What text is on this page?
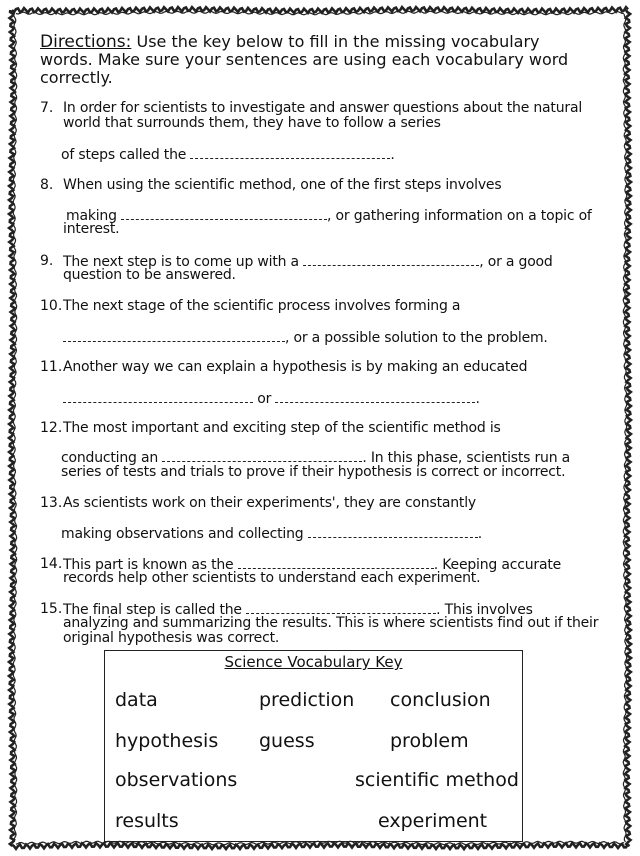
Directions: Use the key below to fill in the missing vocabulary
words. Make sure your sentences are using each vocabulary word
correctly.
7. In order for scientists to investigate and answer questions about the natural
world that surrounds them, they have to follow a series
of steps called the	.
8. When using the scientific method, one of the first steps involves
making	, or gathering information on a topic of
interest.
9. The next step is to come up with a	, or a good
question to be answered.
10. The next stage of the scientific process involves forming a
, or a possible solution to the problem.
11. Another way we can explain a hypothesis is by making an educated
or	.
12. The most important and exciting step of the scientific method is
conducting an	. In this phase, scientists run a
series of tests and trials to prove if their hypothesis is correct or incorrect.
13. As scientists work on their experiments', they are constantly
making observations and collecting	.
14. This part is known as the	. Keeping accurate
records help other scientists to understand each experiment.
15. The final step is called the	. This involves
analyzing and summarizing the results. This is where scientists find out if their
original hypothesis was correct.
Science Vocabulary Key
data	prediction conclusion
hypothesis guess	problem
observations	scientific method
results	experiment
